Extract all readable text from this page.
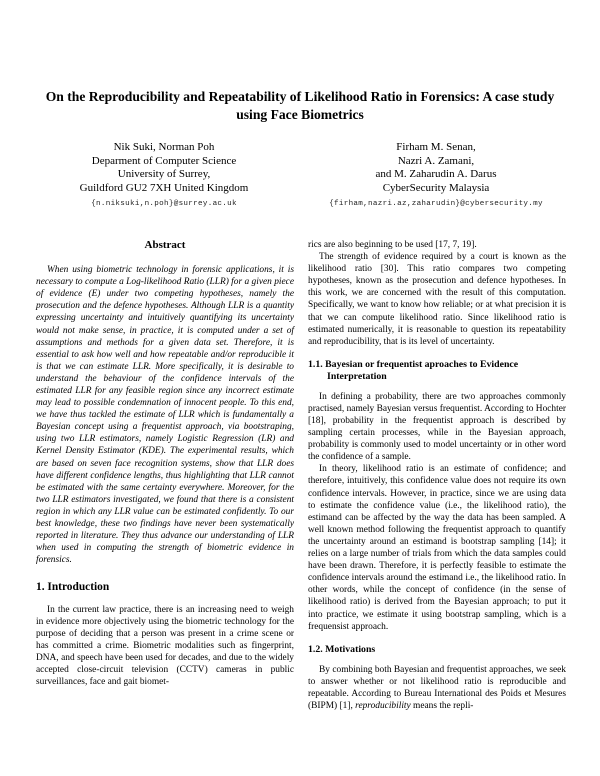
On the Reproducibility and Repeatability of Likelihood Ratio in Forensics: A case study using Face Biometrics
Nik Suki, Norman Poh
Deparment of Computer Science
University of Surrey,
Guildford GU2 7XH United Kingdom
{n.niksuki,n.poh}@surrey.ac.uk
Firham M. Senan,
Nazri A. Zamani,
and M. Zaharudin A. Darus
CyberSecurity Malaysia
{firham,nazri.az,zaharudin}@cybersecurity.my
Abstract

When using biometric technology in forensic applications, it is necessary to compute a Log-likelihood Ratio (LLR) for a given piece of evidence (E) under two competing hypotheses, namely the prosecution and the defence hypotheses. Although LLR is a quantity expressing uncertainty and intuitively quantifying its uncertainty would not make sense, in practice, it is computed under a set of assumptions and methods for a given data set. Therefore, it is essential to ask how well and how repeatable and/or reproducible it is that we can estimate LLR. More specifically, it is desirable to understand the behaviour of the confidence intervals of the estimated LLR for any feasible region since any incorrect estimate may lead to possible condemnation of innocent people. To this end, we have thus tackled the estimate of LLR which is fundamentally a Bayesian concept using a frequentist approach, via bootstraping, using two LLR estimators, namely Logistic Regression (LR) and Kernel Density Estimator (KDE). The experimental results, which are based on seven face recognition systems, show that LLR does have different confidence lengths, thus highlighting that LLR cannot be estimated with the same certainty everywhere. Moreover, for the two LLR estimators investigated, we found that there is a consistent region in which any LLR value can be estimated confidently. To our best knowledge, these two findings have never been systematically reported in literature. They thus advance our understanding of LLR when used in computing the strength of biometric evidence in forensics.

1. Introduction

In the current law practice, there is an increasing need to weigh in evidence more objectively using the biometric technology for the purpose of deciding that a person was present in a crime scene or has committed a crime. Biometric modalities such as fingerprint, DNA, and speech have been used for decades, and due to the widely accepted close-circuit television (CCTV) cameras in public surveillances, face and gait biomet-

rics are also beginning to be used [17, 7, 19].

The strength of evidence required by a court is known as the likelihood ratio [30]. This ratio compares two competing hypotheses, known as the prosecution and defence hypotheses. In this work, we are concerned with the result of this computation. Specifically, we want to know how reliable; or at what precision it is that we can compute likelihood ratio. Since likelihood ratio is estimated numerically, it is reasonable to question its repeatability and reproducibility, that is its level of uncertainty.

1.1. Bayesian or frequentist aproaches to Evidence Interpretation

In defining a probability, there are two approaches commonly practised, namely Bayesian versus frequentist. According to Hochter [18], probability in the frequentist approach is described by sampling certain processes, while in the Bayesian approach, probability is commonly used to model uncertainty or in other word the confidence of a sample.

In theory, likelihood ratio is an estimate of confidence; and therefore, intuitively, this confidence value does not require its own confidence intervals. However, in practice, since we are using data to estimate the confidence value (i.e., the likelihood ratio), the estimand can be affected by the way the data has been sampled. A well known method following the frequentist approach to quantify the uncertainty around an estimand is bootstrap sampling [14]; it relies on a large number of trials from which the data samples could have been drawn. Therefore, it is perfectly feasible to estimate the confidence intervals around the estimand i.e., the likelihood ratio. In other words, while the concept of confidence (in the sense of likelihood ratio) is derived from the Bayesian approach; to put it into practice, we estimate it using bootstrap sampling, which is a frequensist approach.

1.2. Motivations

By combining both Bayesian and frequentist approaches, we seek to answer whether or not likelihood ratio is reproducible and repeatable. According to Bureau International des Poids et Mesures (BIPM) [1], reproducibility means the repli-
